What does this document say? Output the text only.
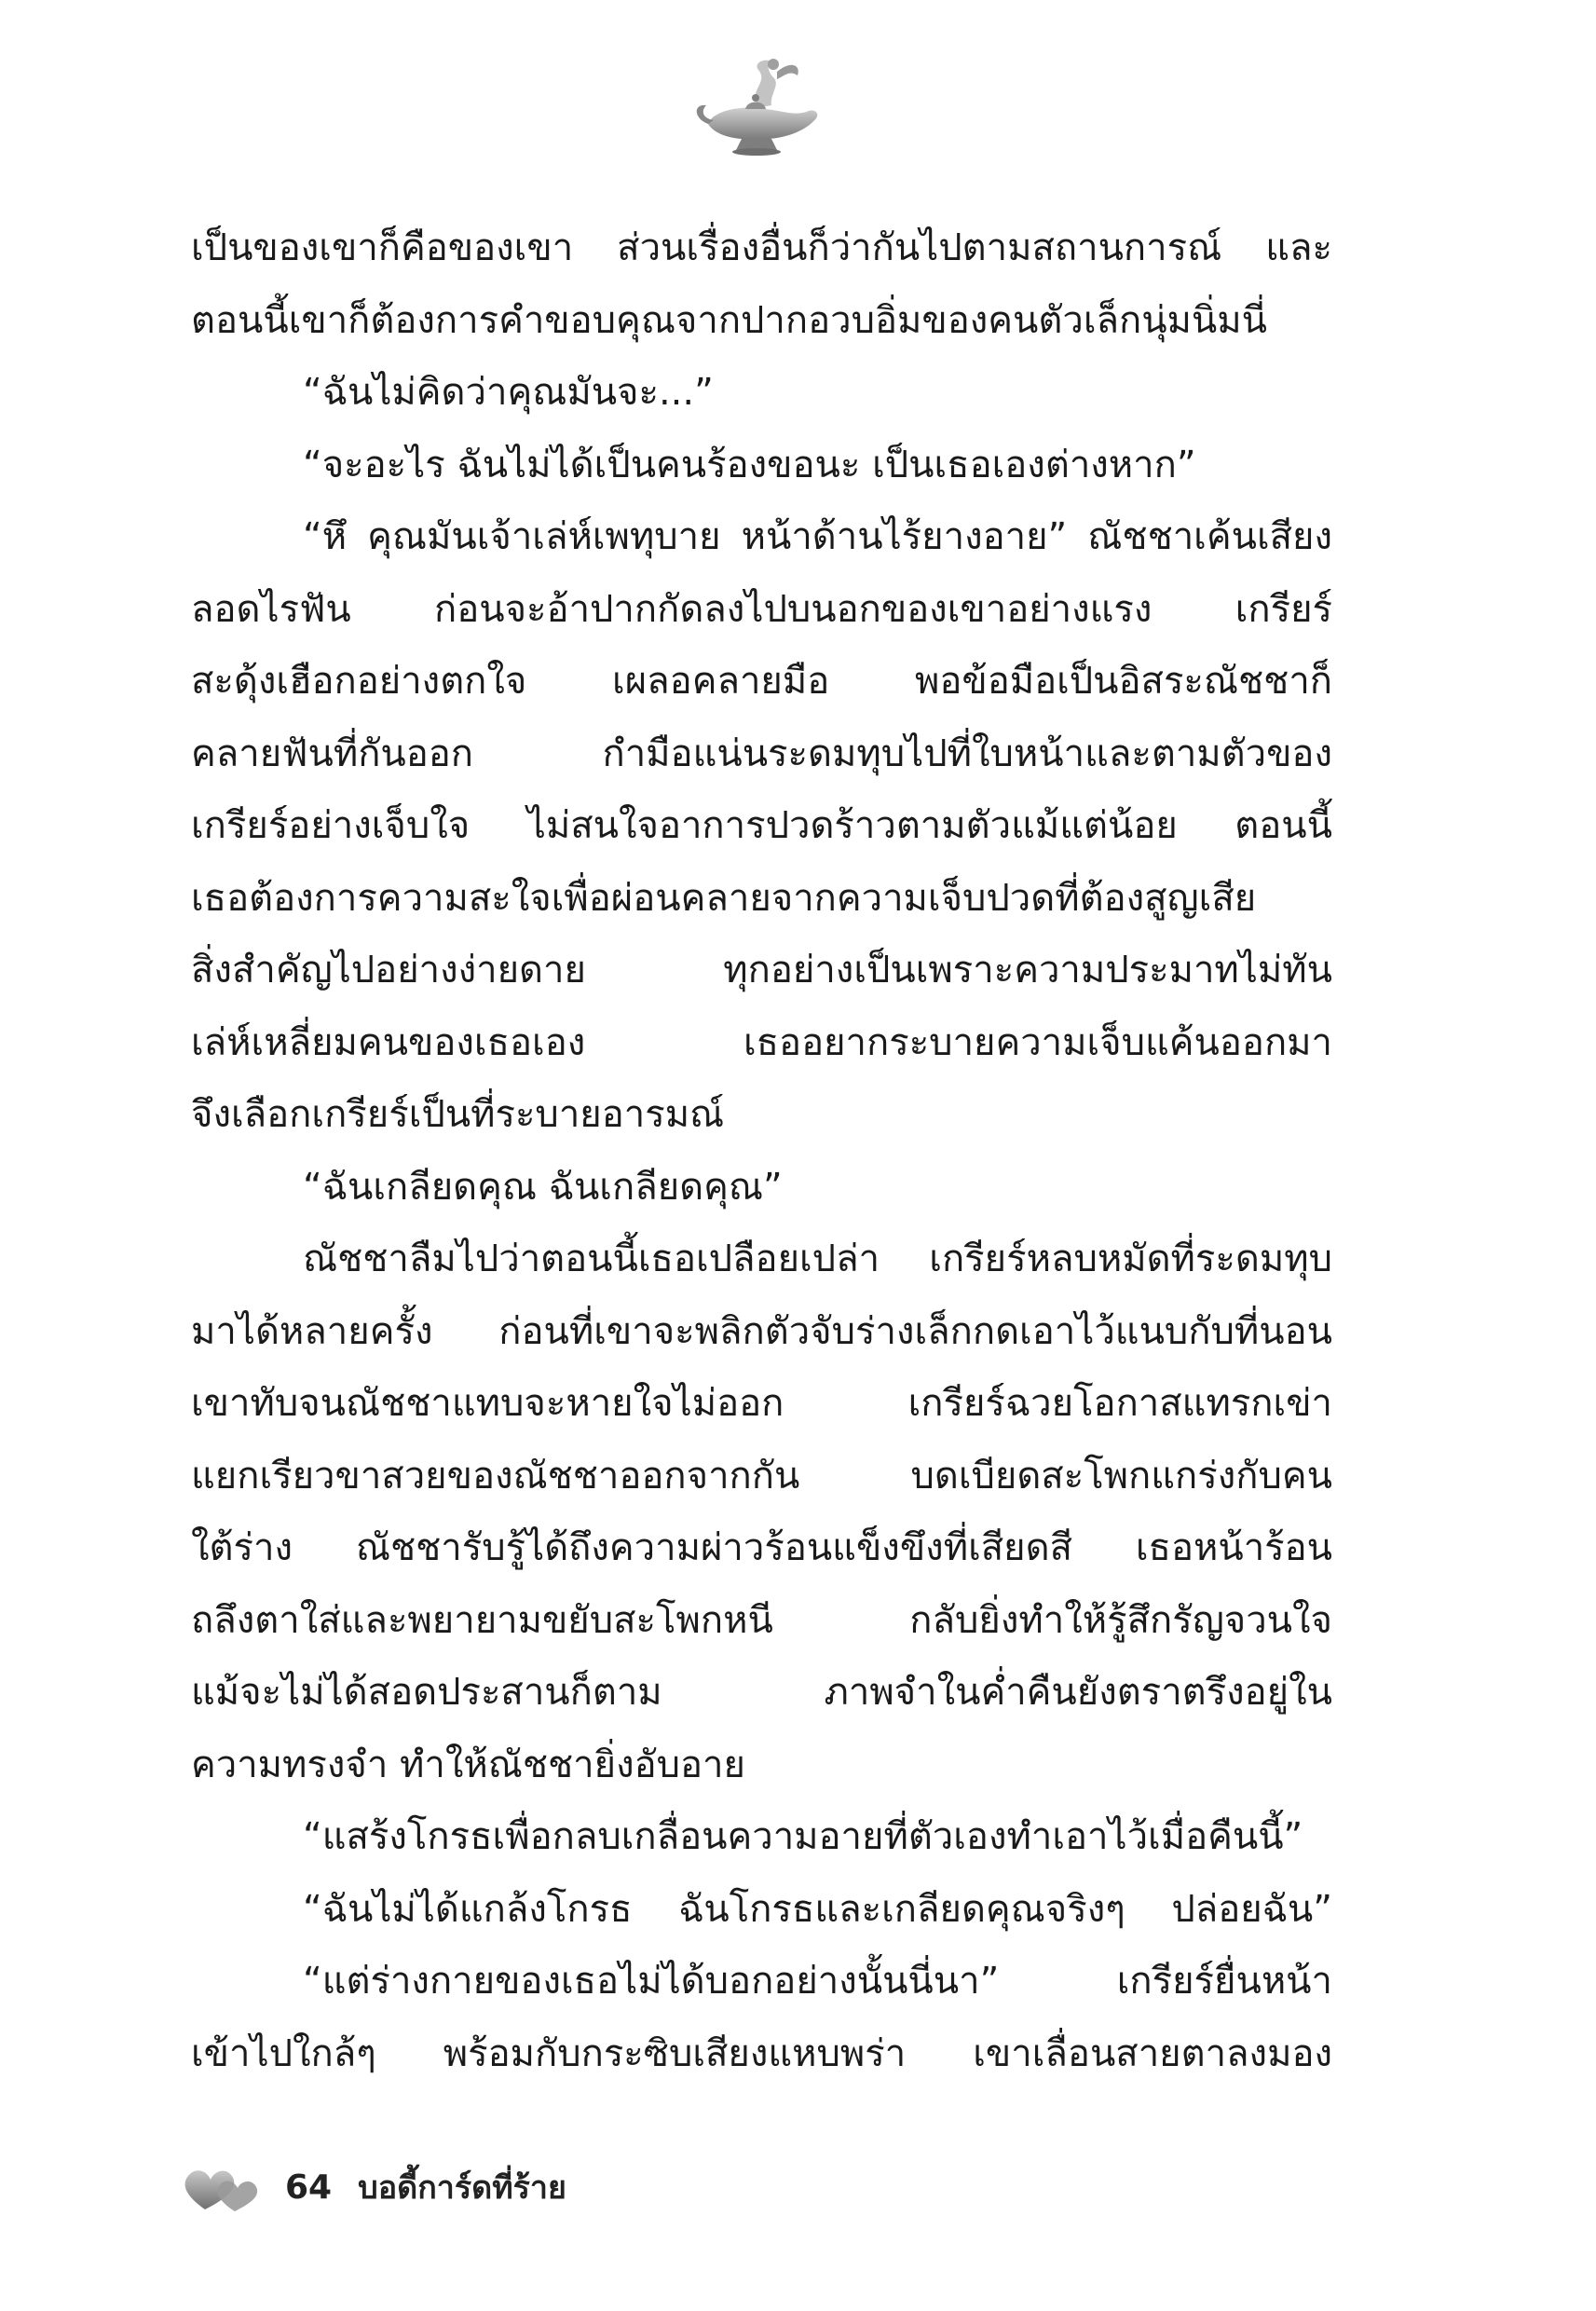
เป็นของเขาก็คือของเขา ส่วนเรื่องอื่นก็ว่ากันไปตามสถานการณ์ และ
ตอนนี้เขาก็ต้องการคำขอบคุณจากปากอวบอิ่มของคนตัวเล็กนุ่มนิ่มนี่
“ฉันไม่คิดว่าคุณมันจะ...”
“จะอะไร ฉันไม่ได้เป็นคนร้องขอนะ เป็นเธอเองต่างหาก”
“หึ คุณมันเจ้าเล่ห์เพทุบาย หน้าด้านไร้ยางอาย” ณัชชาเค้นเสียง
ลอดไรฟัน ก่อนจะอ้าปากกัดลงไปบนอกของเขาอย่างแรง เกรียร์
สะดุ้งเฮือกอย่างตกใจ เผลอคลายมือ พอข้อมือเป็นอิสระณัชชาก็
คลายฟันที่กันออก กำมือแน่นระดมทุบไปที่ใบหน้าและตามตัวของ
เกรียร์อย่างเจ็บใจ ไม่สนใจอาการปวดร้าวตามตัวแม้แต่น้อย ตอนนี้
เธอต้องการความสะใจเพื่อผ่อนคลายจากความเจ็บปวดที่ต้องสูญเสีย
สิ่งสำคัญไปอย่างง่ายดาย ทุกอย่างเป็นเพราะความประมาทไม่ทัน
เล่ห์เหลี่ยมคนของเธอเอง เธออยากระบายความเจ็บแค้นออกมา
จึงเลือกเกรียร์เป็นที่ระบายอารมณ์
“ฉันเกลียดคุณ ฉันเกลียดคุณ”
ณัชชาลืมไปว่าตอนนี้เธอเปลือยเปล่า เกรียร์หลบหมัดที่ระดมทุบ
มาได้หลายครั้ง ก่อนที่เขาจะพลิกตัวจับร่างเล็กกดเอาไว้แนบกับที่นอน
เขาทับจนณัชชาแทบจะหายใจไม่ออก เกรียร์ฉวยโอกาสแทรกเข่า
แยกเรียวขาสวยของณัชชาออกจากกัน บดเบียดสะโพกแกร่งกับคน
ใต้ร่าง ณัชชารับรู้ได้ถึงความผ่าวร้อนแข็งขึงที่เสียดสี เธอหน้าร้อน
ถลึงตาใส่และพยายามขยับสะโพกหนี กลับยิ่งทำให้รู้สึกรัญจวนใจ
แม้จะไม่ได้สอดประสานก็ตาม ภาพจำในค่ำคืนยังตราตรึงอยู่ใน
ความทรงจำ ทำให้ณัชชายิ่งอับอาย
“แสร้งโกรธเพื่อกลบเกลื่อนความอายที่ตัวเองทำเอาไว้เมื่อคืนนี้”
“ฉันไม่ได้แกล้งโกรธ ฉันโกรธและเกลียดคุณจริงๆ ปล่อยฉัน”
“แต่ร่างกายของเธอไม่ได้บอกอย่างนั้นนี่นา” เกรียร์ยื่นหน้า
เข้าไปใกล้ๆ พร้อมกับกระซิบเสียงแหบพร่า เขาเลื่อนสายตาลงมอง
64 บอดี้การ์ดที่ร้าย
